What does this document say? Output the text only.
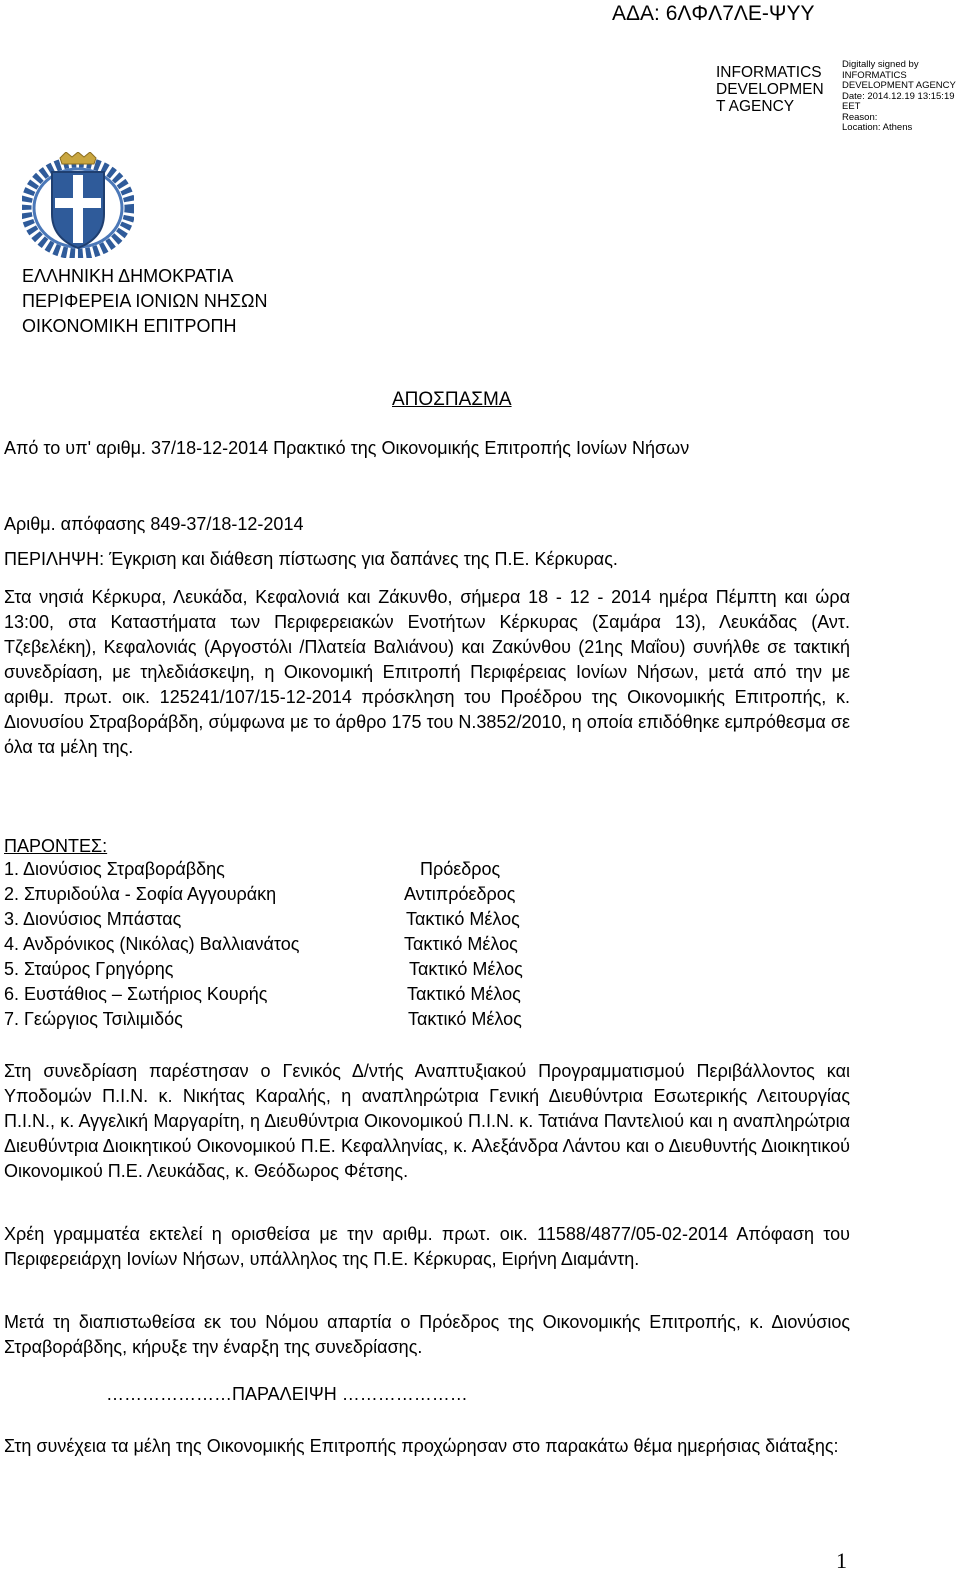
ΑΔΑ: 6ΛΦΛ7ΛΕ-ΨΥΥ
INFORMATICS
DEVELOPMEN
T AGENCY
Digitally signed by
INFORMATICS
DEVELOPMENT AGENCY
Date: 2014.12.19 13:15:19
EET
Reason:
Location: Athens
ΕΛΛΗΝΙΚΗ ΔΗΜΟΚΡΑΤΙΑ
ΠΕΡΙΦΕΡΕΙΑ ΙΟΝΙΩΝ ΝΗΣΩΝ
ΟΙΚΟΝΟΜΙΚΗ ΕΠΙΤΡΟΠΗ
ΑΠΟΣΠΑΣΜΑ
Από το υπ' αριθμ. 37/18-12-2014 Πρακτικό της Οικονομικής Επιτροπής Ιονίων Νήσων
Αριθμ. απόφασης 849-37/18-12-2014
ΠΕΡΙΛΗΨΗ: Έγκριση και διάθεση πίστωσης για δαπάνες της Π.Ε. Κέρκυρας.
Στα νησιά Κέρκυρα, Λευκάδα, Κεφαλονιά και Ζάκυνθο, σήμερα 18 - 12 - 2014 ημέρα Πέμπτη και ώρα 13:00, στα Καταστήματα των Περιφερειακών Ενοτήτων Κέρκυρας (Σαμάρα 13), Λευκάδας (Αντ. Τζεβελέκη), Κεφαλονιάς (Αργοστόλι /Πλατεία Βαλιάνου) και Ζακύνθου (21ης Μαΐου) συνήλθε σε τακτική συνεδρίαση, με τηλεδιάσκεψη, η Οικονομική Επιτροπή Περιφέρειας Ιονίων Νήσων, μετά από την με αριθμ. πρωτ. οικ. 125241/107/15-12-2014 πρόσκληση του Προέδρου της Οικονομικής Επιτροπής, κ. Διονυσίου Στραβοράβδη, σύμφωνα με το άρθρο 175 του Ν.3852/2010, η οποία επιδόθηκε εμπρόθεσμα σε όλα τα μέλη της.
ΠΑΡΟΝΤΕΣ:
1. Διονύσιος Στραβοράβδης	Πρόεδρος
2. Σπυριδούλα - Σοφία Αγγουράκη	Αντιπρόεδρος
3. Διονύσιος Μπάστας	Τακτικό Μέλος
4. Ανδρόνικος (Νικόλας) Βαλλιανάτος	Τακτικό Μέλος
5. Σταύρος Γρηγόρης	Τακτικό Μέλος
6. Ευστάθιος – Σωτήριος Κουρής	Τακτικό Μέλος
7. Γεώργιος Τσιλιμιδός	Τακτικό Μέλος
Στη συνεδρίαση παρέστησαν ο Γενικός Δ/ντής Αναπτυξιακού Προγραμματισμού Περιβάλλοντος και Υποδομών Π.Ι.Ν. κ. Νικήτας Καραλής, η αναπληρώτρια Γενική Διευθύντρια Εσωτερικής Λειτουργίας Π.Ι.Ν., κ. Αγγελική Μαργαρίτη, η Διευθύντρια Οικονομικού Π.Ι.Ν. κ. Τατιάνα Παντελιού και η αναπληρώτρια Διευθύντρια Διοικητικού Οικονομικού Π.Ε. Κεφαλληνίας, κ. Αλεξάνδρα Λάντου και ο Διευθυντής Διοικητικού Οικονομικού Π.Ε. Λευκάδας, κ. Θεόδωρος Φέτσης.
Χρέη γραμματέα εκτελεί η ορισθείσα με την αριθμ. πρωτ. οικ. 11588/4877/05-02-2014 Απόφαση του Περιφερειάρχη Ιονίων Νήσων, υπάλληλος της Π.Ε. Κέρκυρας, Ειρήνη Διαμάντη.
Μετά τη διαπιστωθείσα εκ του Νόμου απαρτία ο Πρόεδρος της Οικονομικής Επιτροπής, κ. Διονύσιος Στραβοράβδης, κήρυξε την έναρξη της συνεδρίασης.
…………………ΠΑΡΑΛΕΙΨΗ …………………
Στη συνέχεια τα μέλη της Οικονομικής Επιτροπής προχώρησαν στο παρακάτω θέμα ημερήσιας διάταξης:
1
